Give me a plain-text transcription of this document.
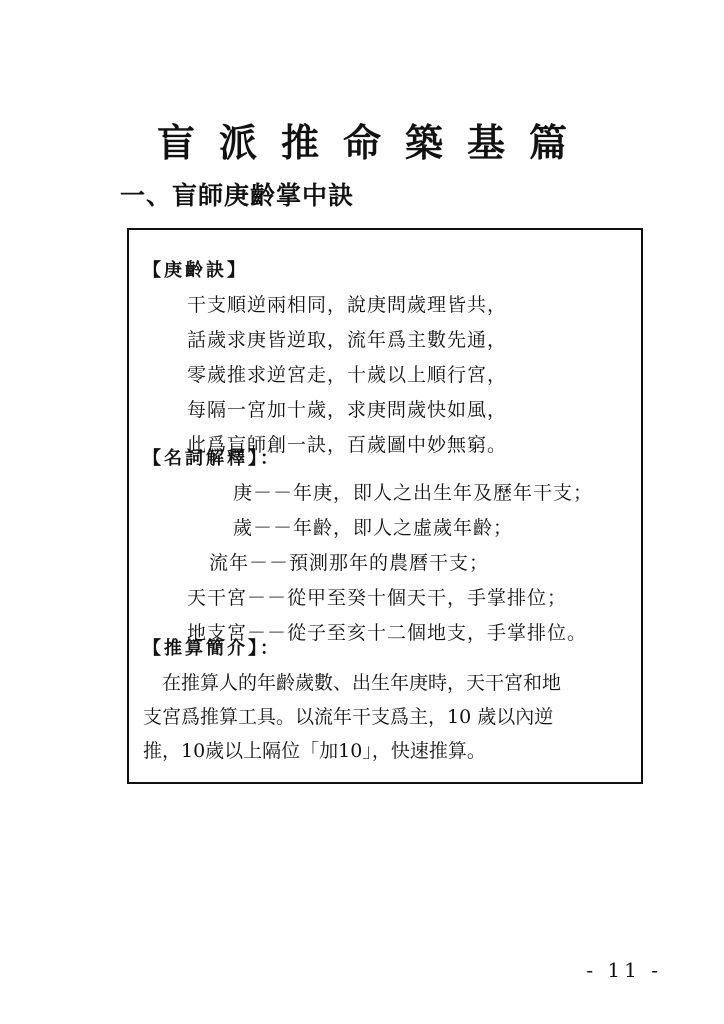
盲派推命築基篇
一、盲師庚齡掌中訣
【庚齡訣】
干支順逆兩相同，說庚問歲理皆共，
話歲求庚皆逆取，流年爲主數先通，
零歲推求逆宮走，十歲以上順行宮，
每隔一宮加十歲，求庚問歲快如風，
此爲盲師創一訣，百歲圖中妙無窮。
【名詞解釋】：
庚－－年庚，即人之出生年及歷年干支；
歲－－年齡，即人之虛歲年齡；
流年－－預測那年的農曆干支；
天干宮－－從甲至癸十個天干，手掌排位；
地支宮－－從子至亥十二個地支，手掌排位。
【推算簡介】：
　在推算人的年齡歲數、出生年庚時，天干宮和地
支宮爲推算工具。以流年干支爲主，10 歲以內逆
推，10歲以上隔位「加10」，快速推算。
- 11 -
